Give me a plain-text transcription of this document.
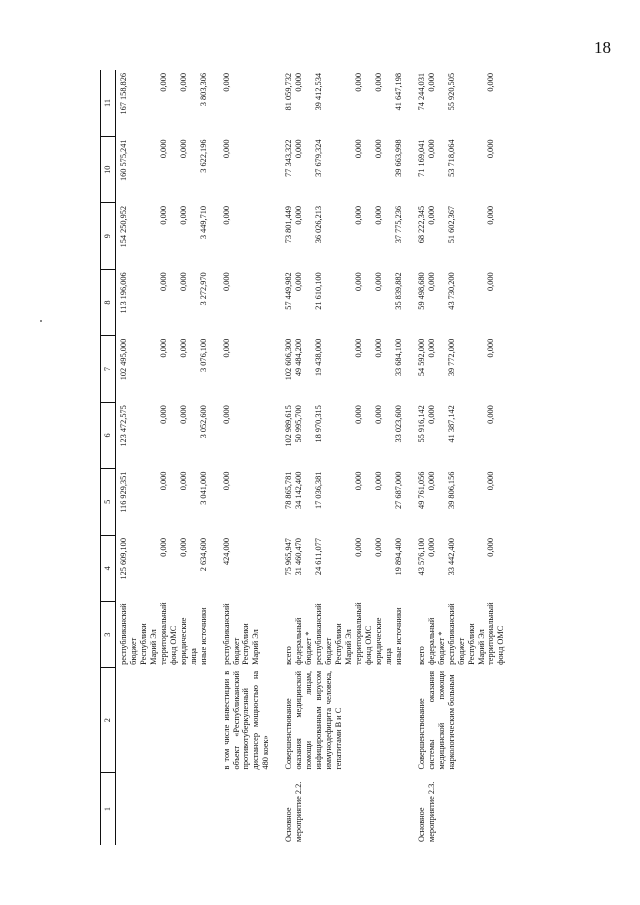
18
1	2	3	4	5	6	7	8	9	10	11
		республиканский бюджет Республики Марий Эл	125 609,100	116 929,351	123 472,575	102 495,000	113 196,006	154 250,952	160 575,241	167 158,826
		территориальный фонд ОМС	0,000	0,000	0,000	0,000	0,000	0,000	0,000	0,000
		юридические лица	0,000	0,000	0,000	0,000	0,000	0,000	0,000	0,000
		иные источники	2 634,600	3 041,000	3 052,600	3 076,100	3 272,970	3 449,710	3 622,196	3 803,306

	в том числе инвестиции в объект «Республиканский противотуберкулезный диспансер мощностью на 480 коек»	республиканский бюджет Республики Марий Эл	424,000	0,000	0,000	0,000	0,000	0,000	0,000	0,000

Основное мероприятие 2.2.	Совершенствование оказания медицинской помощи лицам, инфицированным вирусом иммунодефицита человека, гепатитами B и C	всего	75 965,947	78 865,781	102 989,615	102 606,300	57 449,982	73 801,449	77 343,322	81 059,732
		федеральный бюджет *	31 460,470	34 142,400	50 995,700	49 484,200	0,000	0,000	0,000	0,000
		республиканский бюджет Республики Марий Эл	24 611,077	17 036,381	18 970,315	19 438,000	21 610,100	36 026,213	37 679,324	39 412,534
		территориальный фонд ОМС	0,000	0,000	0,000	0,000	0,000	0,000	0,000	0,000
		юридические лица	0,000	0,000	0,000	0,000	0,000	0,000	0,000	0,000
		иные источники	19 894,400	27 687,000	33 023,600	33 684,100	35 839,882	37 775,236	39 663,998	41 647,198

Основное мероприятие 2.3.	Совершенствование системы оказания медицинской помощи наркологическим больным	всего	43 576,100	49 761,056	55 916,142	54 592,000	59 498,680	68 222,345	71 169,041	74 244,031
		федеральный бюджет *	0,000	0,000	0,000	0,000	0,000	0,000	0,000	0,000
		республиканский бюджет Республики Марий Эл	33 442,400	39 806,156	41 387,142	39 772,000	43 730,200	51 602,367	53 718,064	55 920,505
		территориальный фонд ОМС	0,000	0,000	0,000	0,000	0,000	0,000	0,000	0,000
